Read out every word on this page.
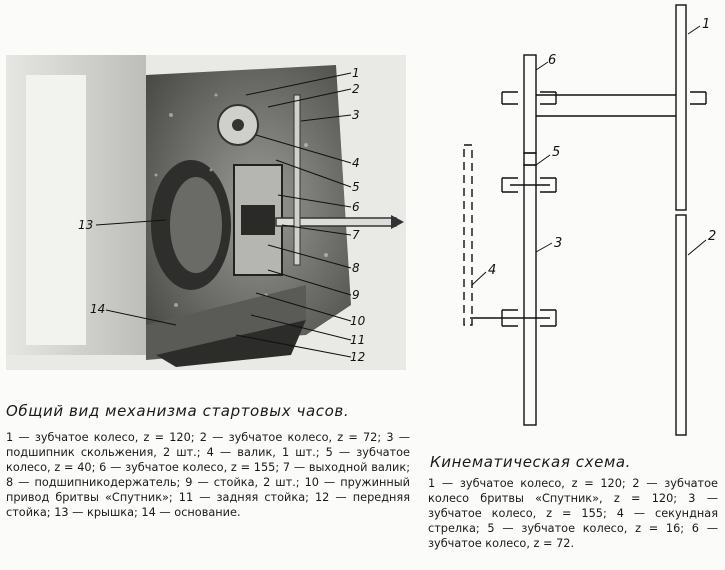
1
2
3
4
5
6
7
8
9
10
11
12
13
14
1
6
5
3	2
4
Общий вид механизма стартовых часов.
1 — зубчатое колесо, z = 120; 2 — зубчатое колесо, z = 72; 3 — подшипник скольжения, 2 шт.; 4 — валик, 1 шт.; 5 — зубчатое колесо, z = 40; 6 — зубчатое колесо, z = 155; 7 — выходной валик; 8 — подшипникодержатель; 9 — стойка, 2 шт.; 10 — пружинный привод бритвы «Спутник»; 11 — задняя стойка; 12 — передняя стойка; 13 — крышка; 14 — основание.
Кинематическая схема.
1 — зубчатое колесо, z = 120; 2 — зубчатое колесо бритвы «Спутник», z = 120; 3 — зубчатое колесо, z = 155; 4 — секундная стрелка; 5 — зубчатое колесо, z = 16; 6 — зубчатое колесо, z = 72.
